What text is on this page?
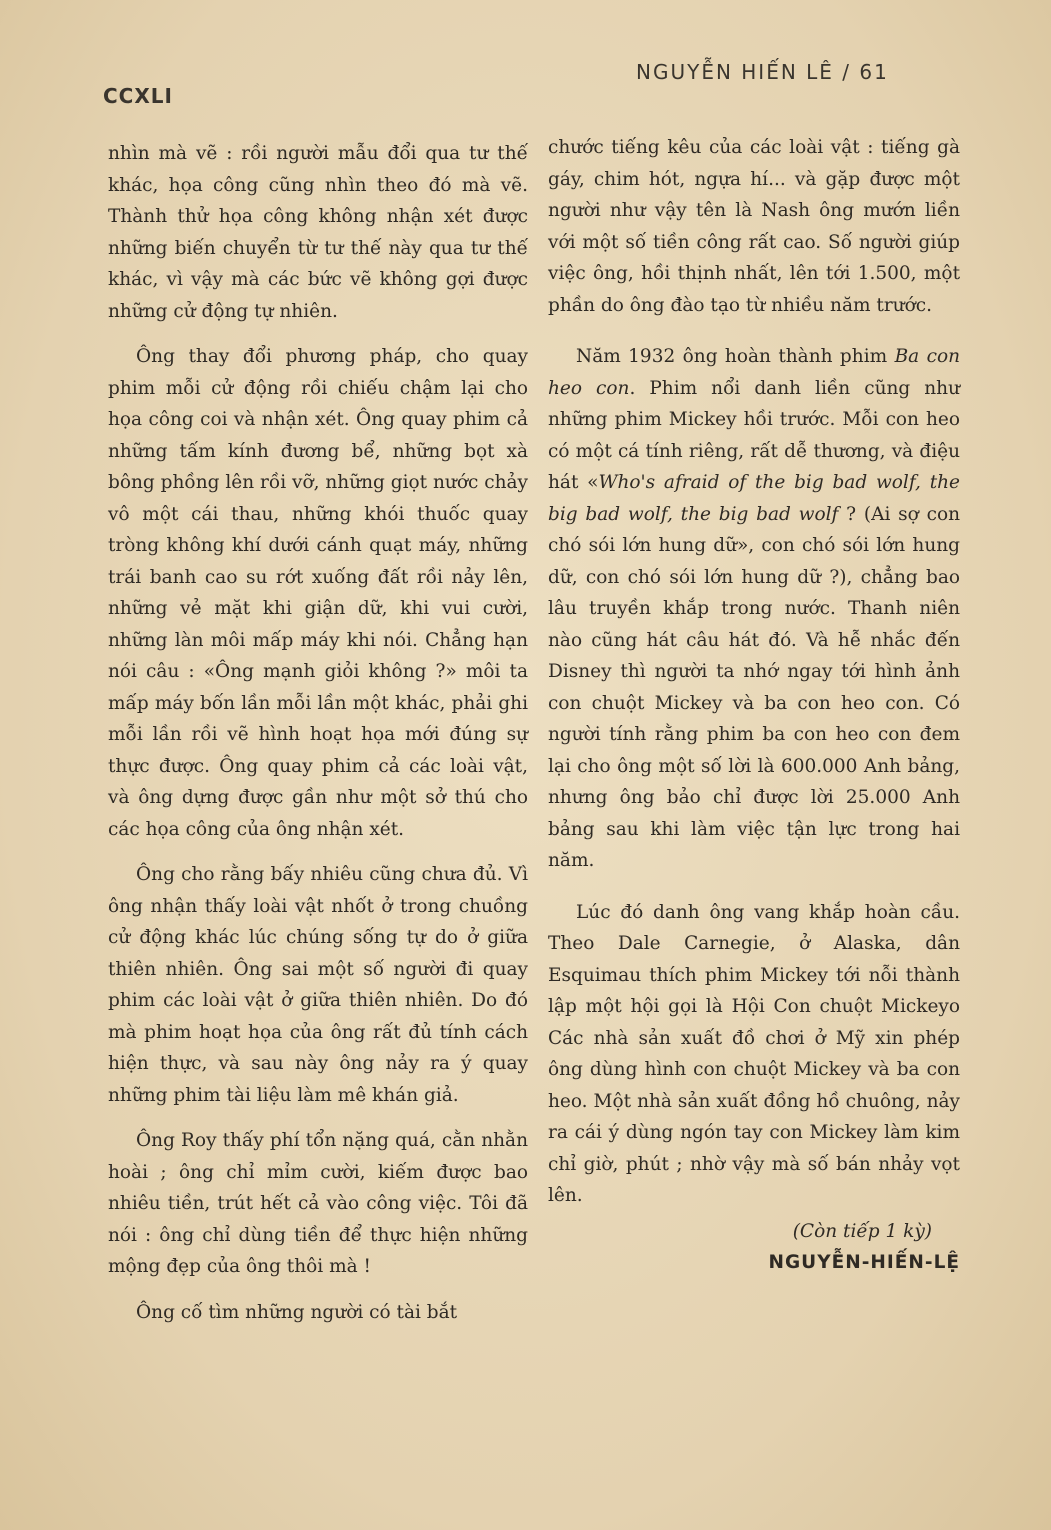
CCXLI
NGUYỄN HIẾN LÊ / 61

nhìn mà vẽ : rồi người mẫu đổi qua tư thế khác, họa công cũng nhìn theo đó mà vẽ. Thành thử họa công không nhận xét được những biến chuyển từ tư thế này qua tư thế khác, vì vậy mà các bức vẽ không gợi được những cử động tự nhiên.

Ông thay đổi phương pháp, cho quay phim mỗi cử động rồi chiếu chậm lại cho họa công coi và nhận xét. Ông quay phim cả những tấm kính đương bể, những bọt xà bông phồng lên rồi vỡ, những giọt nước chảy vô một cái thau, những khói thuốc quay tròng không khí dưới cánh quạt máy, những trái banh cao su rớt xuống đất rồi nảy lên, những vẻ mặt khi giận dữ, khi vui cười, những làn môi mấp máy khi nói. Chẳng hạn nói câu : «Ông mạnh giỏi không ?» môi ta mấp máy bốn lần mỗi lần một khác, phải ghi mỗi lần rồi vẽ hình hoạt họa mới đúng sự thực được. Ông quay phim cả các loài vật, và ông dựng được gần như một sở thú cho các họa công của ông nhận xét.

Ông cho rằng bấy nhiêu cũng chưa đủ. Vì ông nhận thấy loài vật nhốt ở trong chuồng cử động khác lúc chúng sống tự do ở giữa thiên nhiên. Ông sai một số người đi quay phim các loài vật ở giữa thiên nhiên. Do đó mà phim hoạt họa của ông rất đủ tính cách hiện thực, và sau này ông nảy ra ý quay những phim tài liệu làm mê khán giả.

Ông Roy thấy phí tổn nặng quá, cằn nhằn hoài ; ông chỉ mỉm cười, kiếm được bao nhiêu tiền, trút hết cả vào công việc. Tôi đã nói : ông chỉ dùng tiền để thực hiện những mộng đẹp của ông thôi mà !

Ông cố tìm những người có tài bắt

chước tiếng kêu của các loài vật : tiếng gà gáy, chim hót, ngựa hí... và gặp được một người như vậy tên là Nash ông mướn liền với một số tiền công rất cao. Số người giúp việc ông, hồi thịnh nhất, lên tới 1.500, một phần do ông đào tạo từ nhiều năm trước.

Năm 1932 ông hoàn thành phim Ba con heo con. Phim nổi danh liền cũng như những phim Mickey hồi trước. Mỗi con heo có một cá tính riêng, rất dễ thương, và điệu hát «Who's afraid of the big bad wolf, the big bad wolf, the big bad wolf ? (Ai sợ con chó sói lớn hung dữ», con chó sói lớn hung dữ, con chó sói lớn hung dữ ?), chẳng bao lâu truyền khắp trong nước. Thanh niên nào cũng hát câu hát đó. Và hễ nhắc đến Disney thì người ta nhớ ngay tới hình ảnh con chuột Mickey và ba con heo con. Có người tính rằng phim ba con heo con đem lại cho ông một số lời là 600.000 Anh bảng, nhưng ông bảo chỉ được lời 25.000 Anh bảng sau khi làm việc tận lực trong hai năm.

Lúc đó danh ông vang khắp hoàn cầu. Theo Dale Carnegie, ở Alaska, dân Esquimau thích phim Mickey tới nỗi thành lập một hội gọi là Hội Con chuột Mickeyo Các nhà sản xuất đồ chơi ở Mỹ xin phép ông dùng hình con chuột Mickey và ba con heo. Một nhà sản xuất đồng hồ chuông, nảy ra cái ý dùng ngón tay con Mickey làm kim chỉ giờ, phút ; nhờ vậy mà số bán nhảy vọt lên.

(Còn tiếp 1 kỳ)
NGUYỄN-HIẾN-LỆ
